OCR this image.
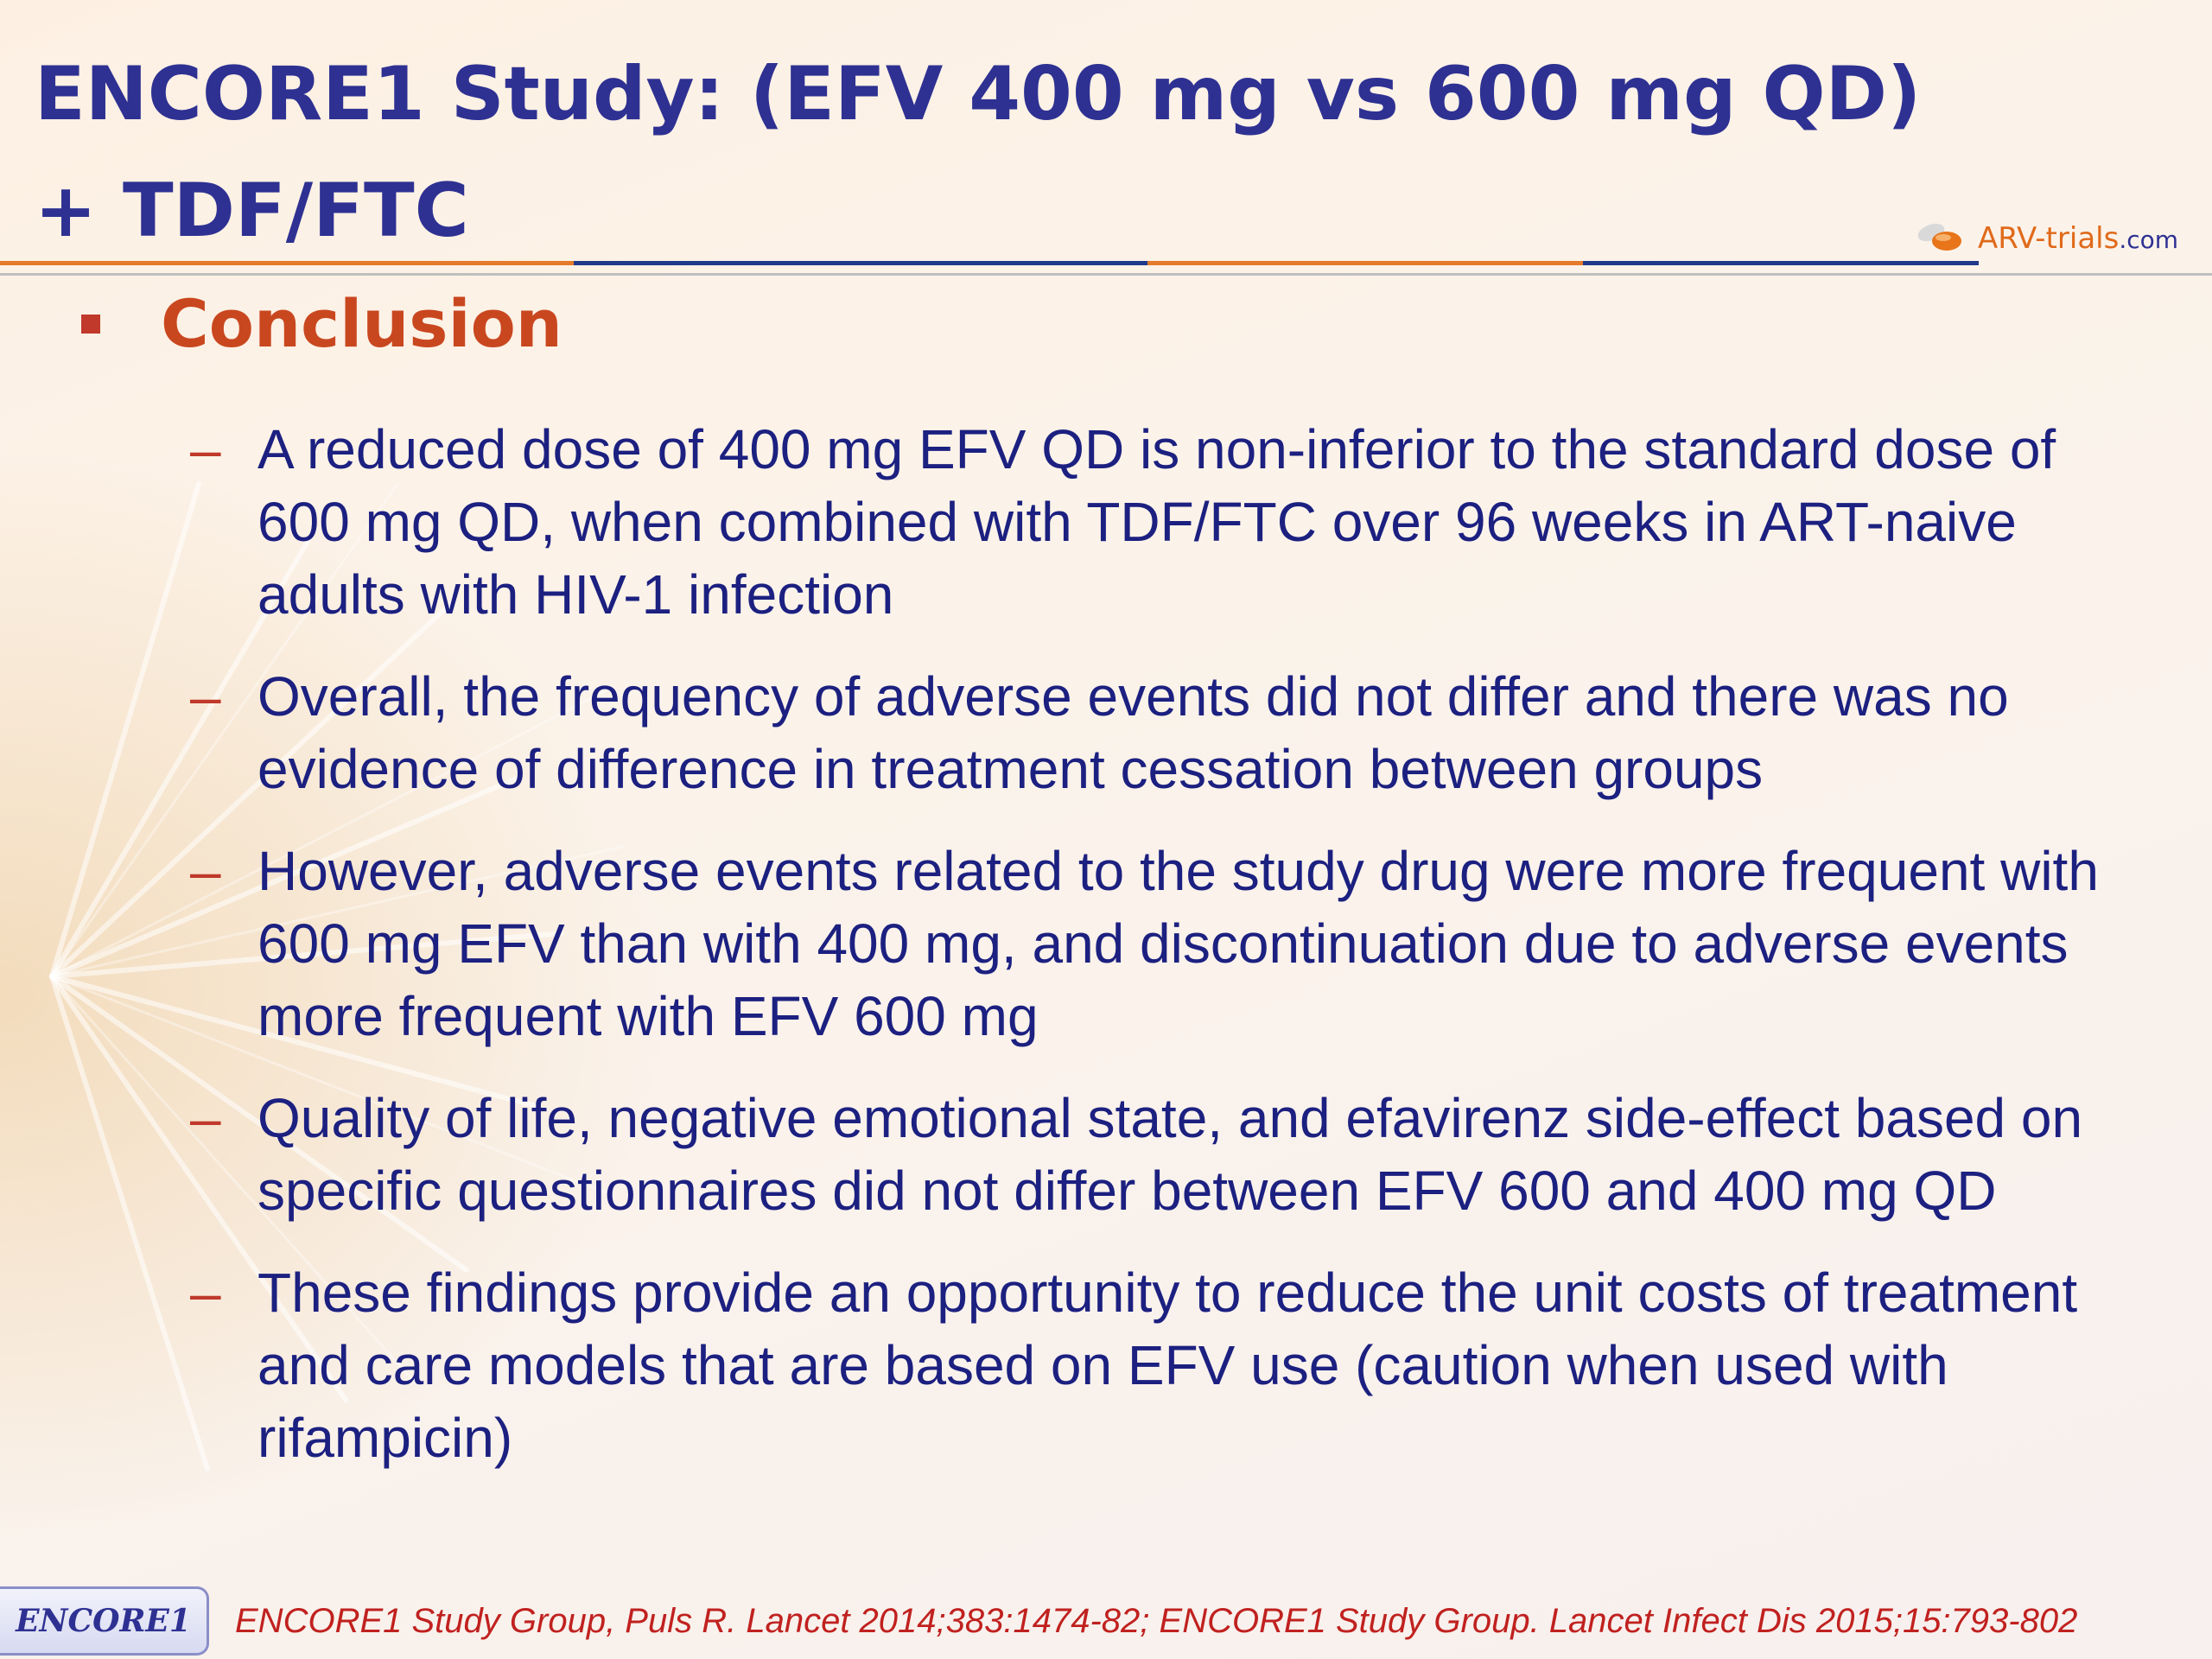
ENCORE1 Study: (EFV 400 mg vs 600 mg QD)
+ TDF/FTC	ARV-trials.com
Conclusion
– A reduced dose of 400 mg EFV QD is non-inferior to the standard dose of 600 mg QD, when combined with TDF/FTC over 96 weeks in ART-naive adults with HIV-1 infection
– Overall, the frequency of adverse events did not differ and there was no evidence of difference in treatment cessation between groups
– However, adverse events related to the study drug were more frequent with 600 mg EFV than with 400 mg, and discontinuation due to adverse events more frequent with EFV 600 mg
– Quality of life, negative emotional state, and efavirenz side-effect based on specific questionnaires did not differ between EFV 600 and 400 mg QD
– These findings provide an opportunity to reduce the unit costs of treatment and care models that are based on EFV use (caution when used with rifampicin)
ENCORE1 ENCORE1 Study Group, Puls R. Lancet 2014;383:1474-82; ENCORE1 Study Group. Lancet Infect Dis 2015;15:793-802
